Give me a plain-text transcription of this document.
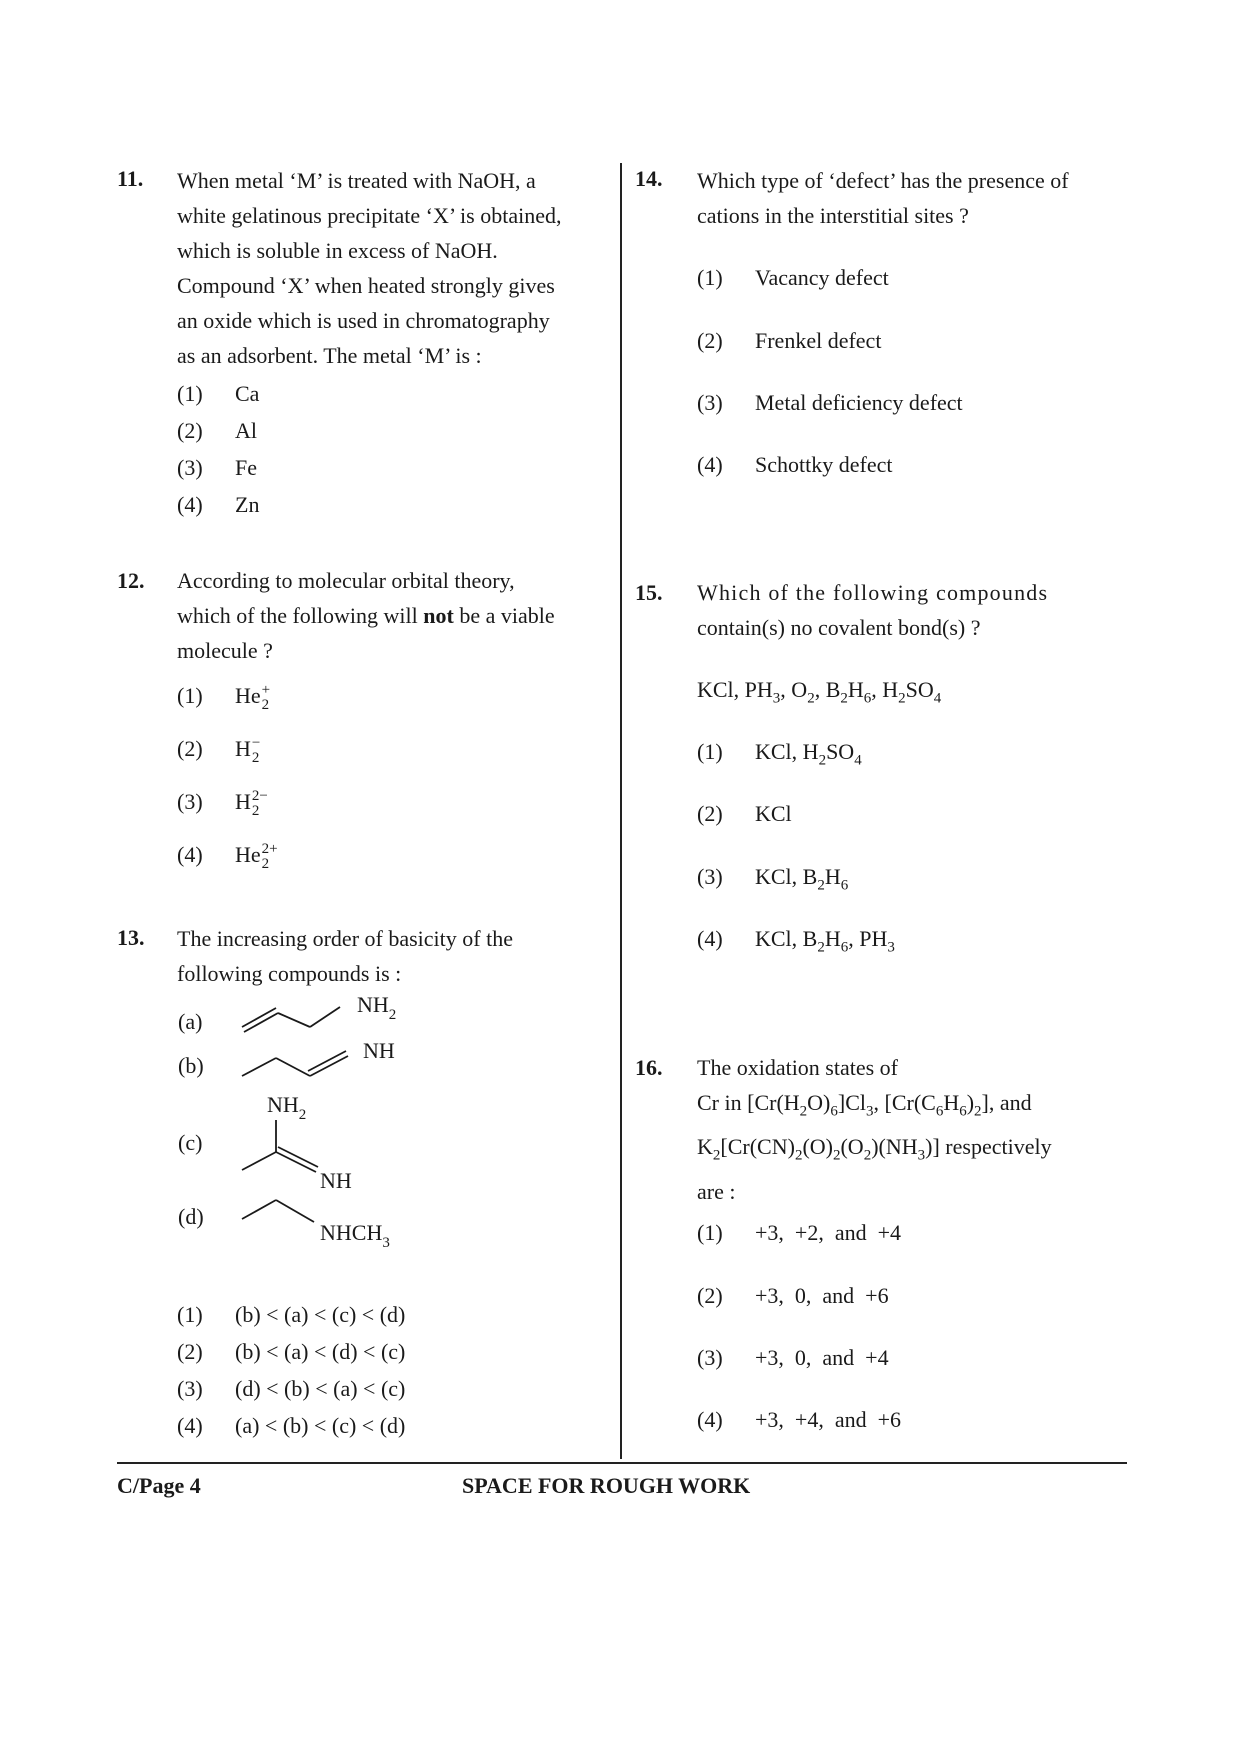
11. When metal ‘M’ is treated with NaOH, a
white gelatinous precipitate ‘X’ is obtained,
which is soluble in excess of NaOH.
Compound ‘X’ when heated strongly gives
an oxide which is used in chromatography
as an adsorbent. The metal ‘M’ is :
(1) Ca
(2) Al
(3) Fe
(4) Zn
12. According to molecular orbital theory,
which of the following will not be a viable
molecule ?
(1) He +
2
(2) H −
2
(3) H 2−
2
(4) He 2+
2
13. The increasing order of basicity of the
following compounds is :
(a)
$NH_2$
(b)
NH
$NH_2$
(c)
NH
(d)
$NHCH_3$
(1) (b) < (a) < (c) < (d)
(2) (b) < (a) < (d) < (c)
(3) (d) < (b) < (a) < (c)
(4) (a) < (b) < (c) < (d)
14. Which type of ‘defect’ has the presence of
cations in the interstitial sites ?
(1) Vacancy defect
(2) Frenkel defect
(3) Metal deficiency defect
(4) Schottky defect
15. Which of the following compounds
contain(s) no covalent bond(s) ?
KCl, $PH_3$, $O_2$, $B_2H_6$, $H_2SO_4$
(1) KCl, $H_2SO_4$
(2) KCl
(3) KCl, $B_2H_6$
(4) KCl, $B_2H_6$, $PH_3$
16. The oxidation states of
Cr in $[Cr(H_2O)_6]Cl_3$, $[Cr(C_6H_6)_2]$, and
$K_2[Cr(CN)_2(O)_2(O_2)(NH_3)]$ respectively
are :
(1) +3,  +2,  and  +4
(2) +3,  0,  and  +6
(3) +3,  0,  and  +4
(4) +3,  +4,  and  +6
C/Page 4	SPACE FOR ROUGH WORK
